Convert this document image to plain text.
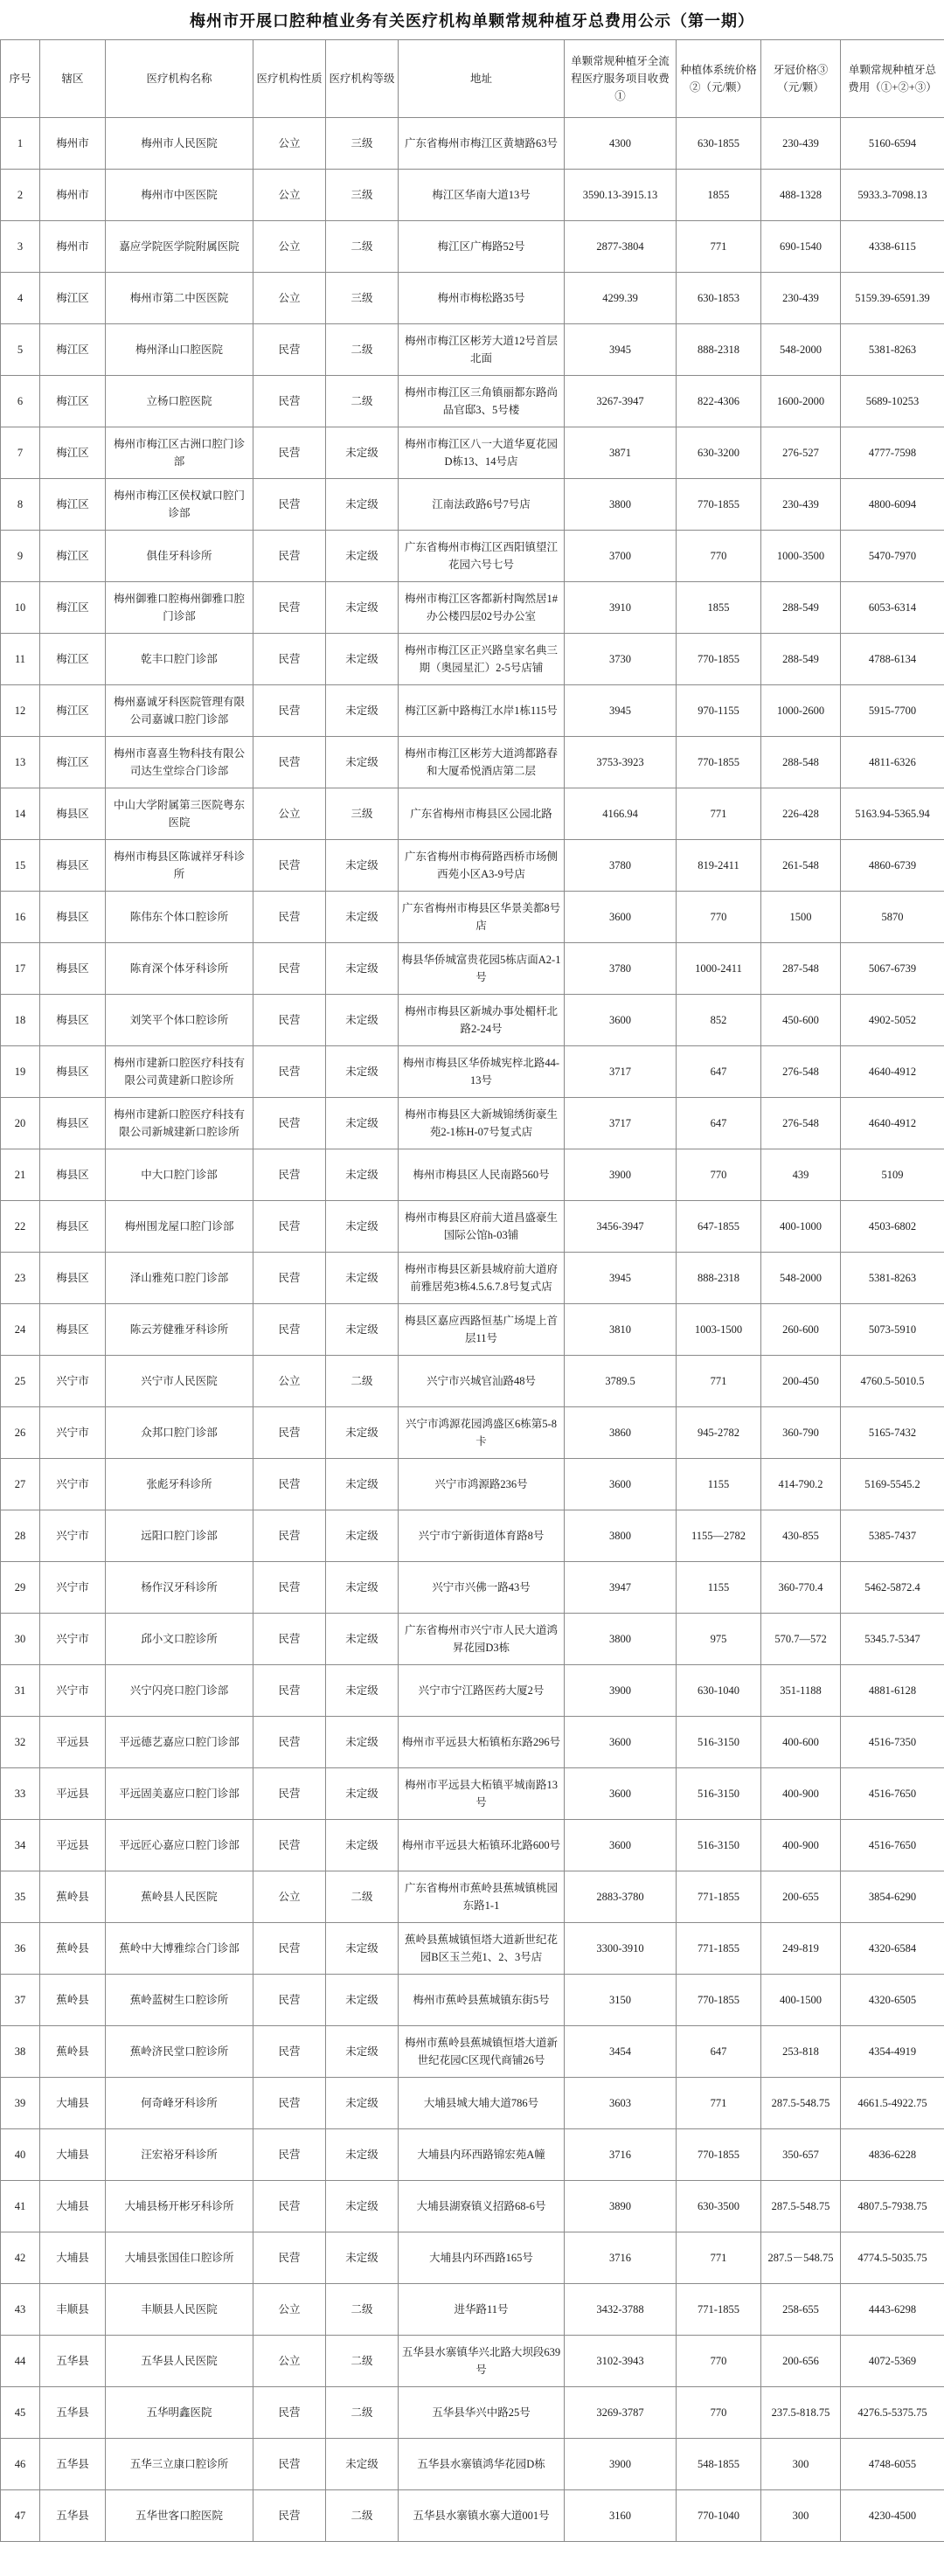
梅州市开展口腔种植业务有关医疗机构单颗常规种植牙总费用公示（第一期）
序号	辖区	医疗机构名称	医疗机构性质	医疗机构等级	地址	单颗常规种植牙全流程医疗服务项目收费①	种植体系统价格②（元/颗）	牙冠价格③（元/颗）	单颗常规种植牙总费用（①+②+③）
1	梅州市	梅州市人民医院	公立	三级	广东省梅州市梅江区黄塘路63号	4300	630-1855	230-439	5160-6594
2	梅州市	梅州市中医医院	公立	三级	梅江区华南大道13号	3590.13-3915.13	1855	488-1328	5933.3-7098.13
3	梅州市	嘉应学院医学院附属医院	公立	二级	梅江区广梅路52号	2877-3804	771	690-1540	4338-6115
4	梅江区	梅州市第二中医医院	公立	三级	梅州市梅松路35号	4299.39	630-1853	230-439	5159.39-6591.39
5	梅江区	梅州泽山口腔医院	民营	二级	梅州市梅江区彬芳大道12号首层北面	3945	888-2318	548-2000	5381-8263
6	梅江区	立杨口腔医院	民营	二级	梅州市梅江区三角镇丽都东路尚品官邸3、5号楼	3267-3947	822-4306	1600-2000	5689-10253
7	梅江区	梅州市梅江区古洲口腔门诊部	民营	未定级	梅州市梅江区八一大道华夏花园D栋13、14号店	3871	630-3200	276-527	4777-7598
8	梅江区	梅州市梅江区侯权斌口腔门诊部	民营	未定级	江南法政路6号7号店	3800	770-1855	230-439	4800-6094
9	梅江区	俱佳牙科诊所	民营	未定级	广东省梅州市梅江区西阳镇望江花园六号七号	3700	770	1000-3500	5470-7970
10	梅江区	梅州御雅口腔梅州御雅口腔门诊部	民营	未定级	梅州市梅江区客都新村陶然居1#办公楼四层02号办公室	3910	1855	288-549	6053-6314
11	梅江区	乾丰口腔门诊部	民营	未定级	梅州市梅江区正兴路皇家名典三期（奥园星汇）2-5号店铺	3730	770-1855	288-549	4788-6134
12	梅江区	梅州嘉诚牙科医院管理有限公司嘉诚口腔门诊部	民营	未定级	梅江区新中路梅江水岸1栋115号	3945	970-1155	1000-2600	5915-7700
13	梅江区	梅州市喜喜生物科技有限公司达生堂综合门诊部	民营	未定级	梅州市梅江区彬芳大道鸿都路春和大厦希悦酒店第二层	3753-3923	770-1855	288-548	4811-6326
14	梅县区	中山大学附属第三医院粤东医院	公立	三级	广东省梅州市梅县区公园北路	4166.94	771	226-428	5163.94-5365.94
15	梅县区	梅州市梅县区陈诚祥牙科诊所	民营	未定级	广东省梅州市梅荷路西桥市场侧西苑小区A3-9号店	3780	819-2411	261-548	4860-6739
16	梅县区	陈伟东个体口腔诊所	民营	未定级	广东省梅州市梅县区华景美都8号店	3600	770	1500	5870
17	梅县区	陈育深个体牙科诊所	民营	未定级	梅县华侨城富贵花园5栋店面A2-1号	3780	1000-2411	287-548	5067-6739
18	梅县区	刘笑平个体口腔诊所	民营	未定级	梅州市梅县区新城办事处楣杆北路2-24号	3600	852	450-600	4902-5052
19	梅县区	梅州市建新口腔医疗科技有限公司黄建新口腔诊所	民营	未定级	梅州市梅县区华侨城宪梓北路44-13号	3717	647	276-548	4640-4912
20	梅县区	梅州市建新口腔医疗科技有限公司新城建新口腔诊所	民营	未定级	梅州市梅县区大新城锦绣街豪生苑2-1栋H-07号复式店	3717	647	276-548	4640-4912
21	梅县区	中大口腔门诊部	民营	未定级	梅州市梅县区人民南路560号	3900	770	439	5109
22	梅县区	梅州围龙屋口腔门诊部	民营	未定级	梅州市梅县区府前大道昌盛豪生国际公馆h-03铺	3456-3947	647-1855	400-1000	4503-6802
23	梅县区	泽山雅苑口腔门诊部	民营	未定级	梅州市梅县区新县城府前大道府前雅居苑3栋4.5.6.7.8号复式店	3945	888-2318	548-2000	5381-8263
24	梅县区	陈云芳健雅牙科诊所	民营	未定级	梅县区嘉应西路恒基广场堤上首层11号	3810	1003-1500	260-600	5073-5910
25	兴宁市	兴宁市人民医院	公立	二级	兴宁市兴城官汕路48号	3789.5	771	200-450	4760.5-5010.5
26	兴宁市	众邦口腔门诊部	民营	未定级	兴宁市鸿源花园鸿盛区6栋第5-8卡	3860	945-2782	360-790	5165-7432
27	兴宁市	张彪牙科诊所	民营	未定级	兴宁市鸿源路236号	3600	1155	414-790.2	5169-5545.2
28	兴宁市	远阳口腔门诊部	民营	未定级	兴宁市宁新街道体育路8号	3800	1155—2782	430-855	5385-7437
29	兴宁市	杨作汉牙科诊所	民营	未定级	兴宁市兴佛一路43号	3947	1155	360-770.4	5462-5872.4
30	兴宁市	邱小文口腔诊所	民营	未定级	广东省梅州市兴宁市人民大道鸿昇花园D3栋	3800	975	570.7—572	5345.7-5347
31	兴宁市	兴宁闪亮口腔门诊部	民营	未定级	兴宁市宁江路医药大厦2号	3900	630-1040	351-1188	4881-6128
32	平远县	平远德艺嘉应口腔门诊部	民营	未定级	梅州市平远县大柘镇柘东路296号	3600	516-3150	400-600	4516-7350
33	平远县	平远固美嘉应口腔门诊部	民营	未定级	梅州市平远县大柘镇平城南路13号	3600	516-3150	400-900	4516-7650
34	平远县	平远匠心嘉应口腔门诊部	民营	未定级	梅州市平远县大柘镇环北路600号	3600	516-3150	400-900	4516-7650
35	蕉岭县	蕉岭县人民医院	公立	二级	广东省梅州市蕉岭县蕉城镇桃园东路1-1	2883-3780	771-1855	200-655	3854-6290
36	蕉岭县	蕉岭中大博雅综合门诊部	民营	未定级	蕉岭县蕉城镇恒塔大道新世纪花园B区玉兰苑1、2、3号店	3300-3910	771-1855	249-819	4320-6584
37	蕉岭县	蕉岭蓝树生口腔诊所	民营	未定级	梅州市蕉岭县蕉城镇东街5号	3150	770-1855	400-1500	4320-6505
38	蕉岭县	蕉岭济民堂口腔诊所	民营	未定级	梅州市蕉岭县蕉城镇恒塔大道新世纪花园C区现代商铺26号	3454	647	253-818	4354-4919
39	大埔县	何奇峰牙科诊所	民营	未定级	大埔县城大埔大道786号	3603	771	287.5-548.75	4661.5-4922.75
40	大埔县	汪宏裕牙科诊所	民营	未定级	大埔县内环西路锦宏苑A幢	3716	770-1855	350-657	4836-6228
41	大埔县	大埔县杨开彬牙科诊所	民营	未定级	大埔县湖寮镇义招路68-6号	3890	630-3500	287.5-548.75	4807.5-7938.75
42	大埔县	大埔县张国佳口腔诊所	民营	未定级	大埔县内环西路165号	3716	771	287.5－548.75	4774.5-5035.75
43	丰顺县	丰顺县人民医院	公立	二级	进华路11号	3432-3788	771-1855	258-655	4443-6298
44	五华县	五华县人民医院	公立	二级	五华县水寨镇华兴北路大坝段639号	3102-3943	770	200-656	4072-5369
45	五华县	五华明鑫医院	民营	二级	五华县华兴中路25号	3269-3787	770	237.5-818.75	4276.5-5375.75
46	五华县	五华三立康口腔诊所	民营	未定级	五华县水寨镇鸿华花园D栋	3900	548-1855	300	4748-6055
47	五华县	五华世客口腔医院	民营	二级	五华县水寨镇水寨大道001号	3160	770-1040	300	4230-4500
